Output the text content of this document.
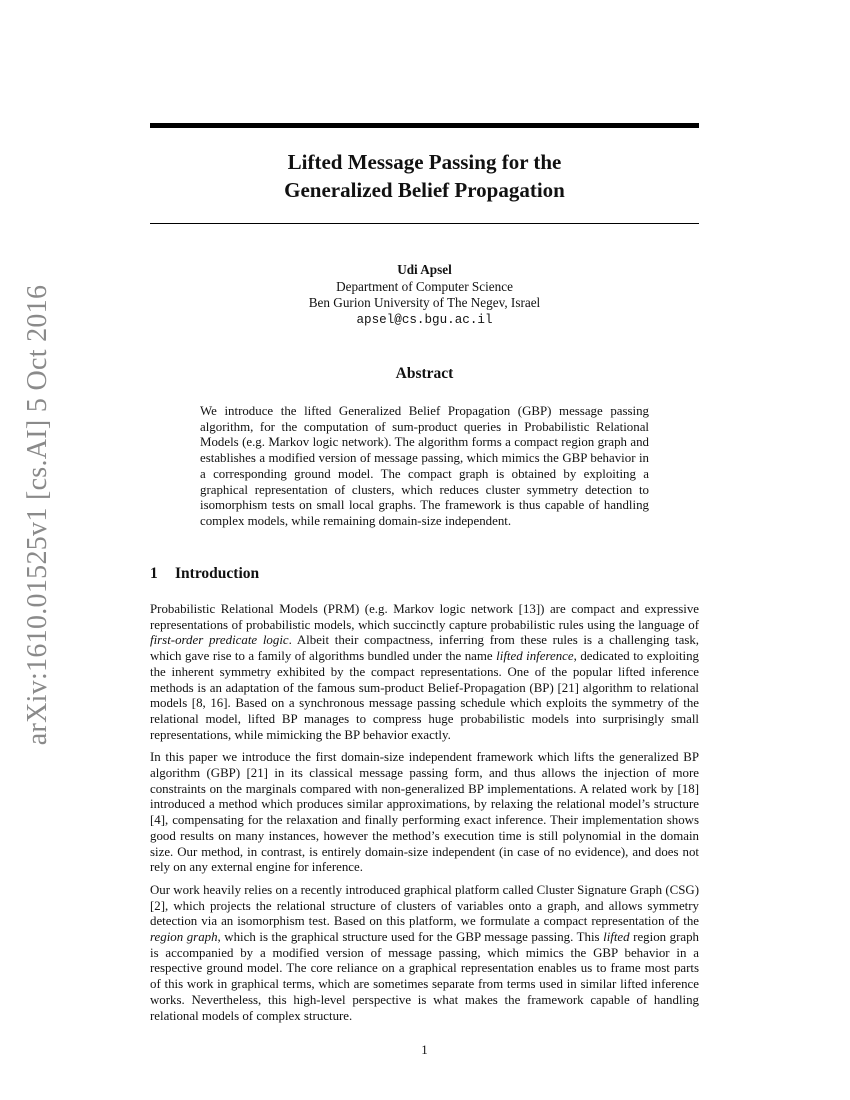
arXiv:1610.01525v1 [cs.AI] 5 Oct 2016
Lifted Message Passing for the
Generalized Belief Propagation
Udi Apsel
Department of Computer Science
Ben Gurion University of The Negev, Israel
apsel@cs.bgu.ac.il
Abstract

We introduce the lifted Generalized Belief Propagation (GBP) message passing algorithm, for the computation of sum-product queries in Probabilistic Relational Models (e.g. Markov logic network). The algorithm forms a compact region graph and establishes a modified version of message passing, which mimics the GBP behavior in a corresponding ground model. The compact graph is obtained by exploiting a graphical representation of clusters, which reduces cluster symmetry detection to isomorphism tests on small local graphs. The framework is thus capable of handling complex models, while remaining domain-size independent.

1 Introduction

Probabilistic Relational Models (PRM) (e.g. Markov logic network [13]) are compact and expressive representations of probabilistic models, which succinctly capture probabilistic rules using the language of first-order predicate logic. Albeit their compactness, inferring from these rules is a challenging task, which gave rise to a family of algorithms bundled under the name lifted inference, dedicated to exploiting the inherent symmetry exhibited by the compact representations. One of the popular lifted inference methods is an adaptation of the famous sum-product Belief-Propagation (BP) [21] algorithm to relational models [8, 16]. Based on a synchronous message passing schedule which exploits the symmetry of the relational model, lifted BP manages to compress huge probabilistic models into surprisingly small representations, while mimicking the BP behavior exactly.

In this paper we introduce the first domain-size independent framework which lifts the generalized BP algorithm (GBP) [21] in its classical message passing form, and thus allows the injection of more constraints on the marginals compared with non-generalized BP implementations. A related work by [18] introduced a method which produces similar approximations, by relaxing the relational model’s structure [4], compensating for the relaxation and finally performing exact inference. Their implementation shows good results on many instances, however the method’s execution time is still polynomial in the domain size. Our method, in contrast, is entirely domain-size independent (in case of no evidence), and does not rely on any external engine for inference.

Our work heavily relies on a recently introduced graphical platform called Cluster Signature Graph (CSG) [2], which projects the relational structure of clusters of variables onto a graph, and allows symmetry detection via an isomorphism test. Based on this platform, we formulate a compact representation of the region graph, which is the graphical structure used for the GBP message passing. This lifted region graph is accompanied by a modified version of message passing, which mimics the GBP behavior in a respective ground model. The core reliance on a graphical representation enables us to frame most parts of this work in graphical terms, which are sometimes separate from terms used in similar lifted inference works. Nevertheless, this high-level perspective is what makes the framework capable of handling relational models of complex structure.

1
